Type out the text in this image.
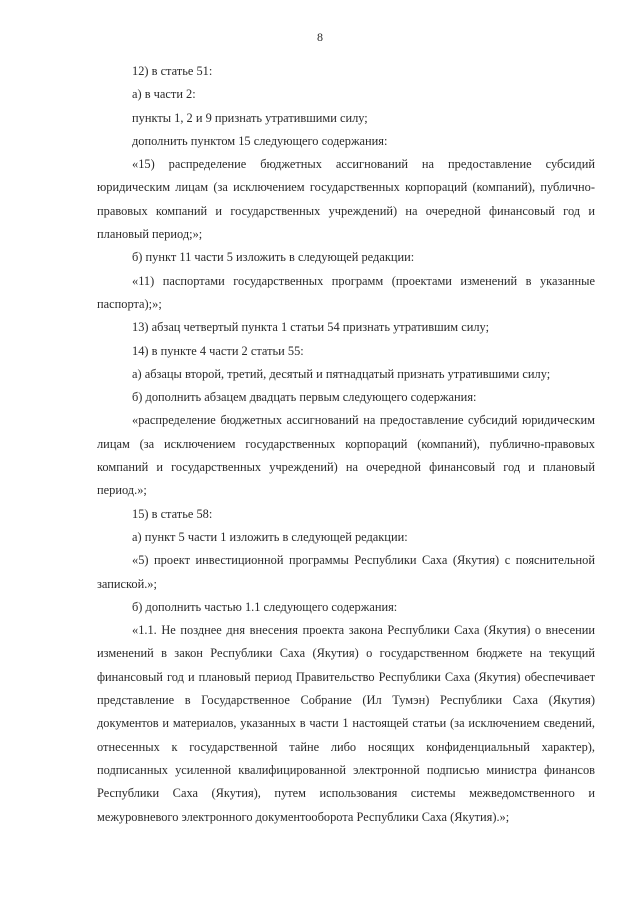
8

12) в статье 51:

а) в части 2:

пункты 1, 2 и 9 признать утратившими силу;

дополнить пунктом 15 следующего содержания:

«15) распределение бюджетных ассигнований на предоставление субсидий юридическим лицам (за исключением государственных корпораций (компаний), публично-правовых компаний и государственных учреждений) на очередной финансовый год и плановый период;»;

б) пункт 11 части 5 изложить в следующей редакции:

«11) паспортами государственных программ (проектами изменений в указанные паспорта);»;

13) абзац четвертый пункта 1 статьи 54 признать утратившим силу;

14) в пункте 4 части 2 статьи 55:

а) абзацы второй, третий, десятый и пятнадцатый признать утратившими силу;

б) дополнить абзацем двадцать первым следующего содержания:

«распределение бюджетных ассигнований на предоставление субсидий юридическим лицам (за исключением государственных корпораций (компаний), публично-правовых компаний и государственных учреждений) на очередной финансовый год и плановый период.»;

15) в статье 58:

а) пункт 5 части 1 изложить в следующей редакции:

«5) проект инвестиционной программы Республики Саха (Якутия) с пояснительной запиской.»;

б) дополнить частью 1.1 следующего содержания:

«1.1. Не позднее дня внесения проекта закона Республики Саха (Якутия) о внесении изменений в закон Республики Саха (Якутия) о государственном бюджете на текущий финансовый год и плановый период Правительство Республики Саха (Якутия) обеспечивает представление в Государственное Собрание (Ил Тумэн) Республики Саха (Якутия) документов и материалов, указанных в части 1 настоящей статьи (за исключением сведений, отнесенных к государственной тайне либо носящих конфиденциальный характер), подписанных усиленной квалифицированной электронной подписью министра финансов Республики Саха (Якутия), путем использования системы межведомственного и межуровневого электронного документооборота Республики Саха (Якутия).»;
